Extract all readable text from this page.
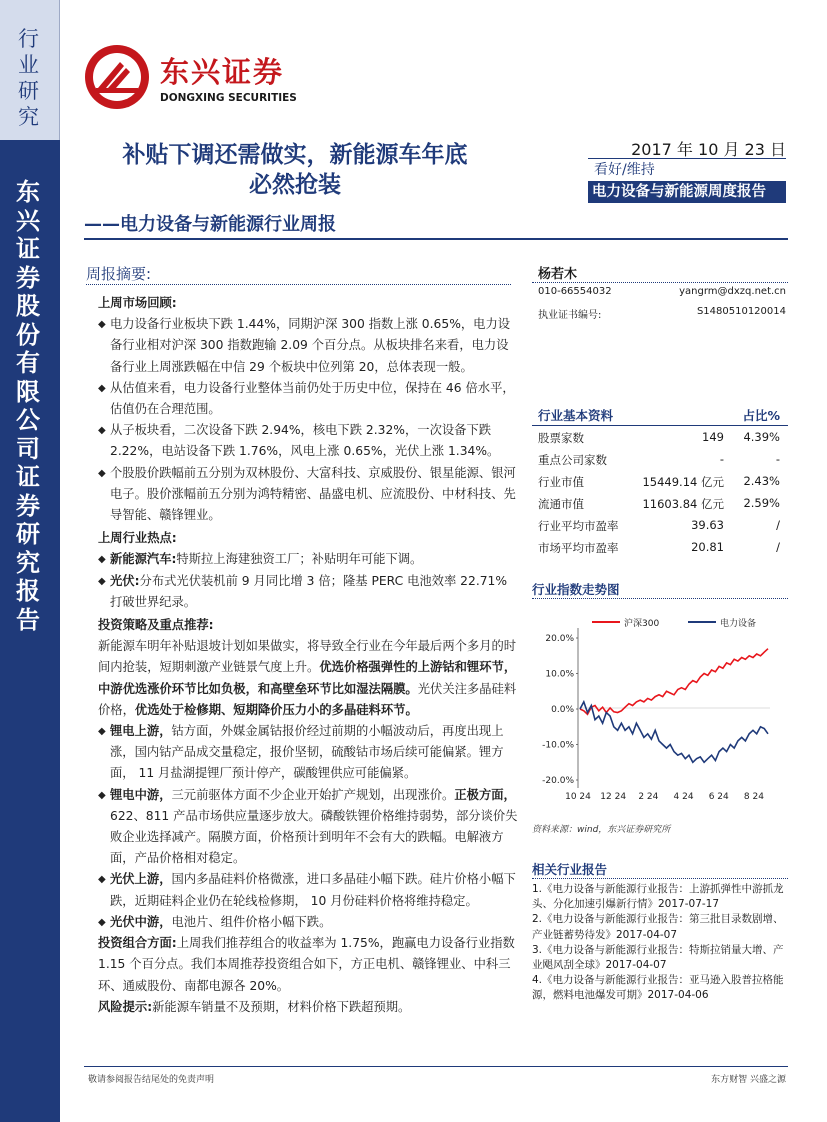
行业研究
东兴证券股份有限公司证券研究报告
东兴证券
DONGXING SECURITIES
补贴下调还需做实，新能源车年底
必然抢装
——电力设备与新能源行业周报
2017 年 10 月 23 日
看好/维持
电力设备与新能源周度报告
周报摘要:
上周市场回顾:
◆ 电力设备行业板块下跌 1.44%，同期沪深 300 指数上涨 0.65%，电力设备行业相对沪深 300 指数跑输 2.09 个百分点。从板块排名来看，电力设备行业上周涨跌幅在中信 29 个板块中位列第 20，总体表现一般。
◆ 从估值来看，电力设备行业整体当前仍处于历史中位，保持在 46 倍水平，估值仍在合理范围。
◆ 从子板块看，二次设备下跌 2.94%，核电下跌 2.32%，一次设备下跌 2.22%，电站设备下跌 1.76%，风电上涨 0.65%，光伏上涨 1.34%。
◆ 个股股价跌幅前五分别为双林股份、大富科技、京威股份、银星能源、银河电子。股价涨幅前五分别为鸿特精密、晶盛电机、应流股份、中材科技、先导智能、赣锋锂业。
上周行业热点:
◆ 新能源汽车:特斯拉上海建独资工厂；补贴明年可能下调。
◆ 光伏:分布式光伏装机前 9 月同比增 3 倍；隆基 PERC 电池效率 22.71% 打破世界纪录。
投资策略及重点推荐:
新能源车明年补贴退坡计划如果做实，将导致全行业在今年最后两个多月的时间内抢装，短期刺激产业链景气度上升。优选价格强弹性的上游钴和锂环节，中游优选涨价环节比如负极，和高壁垒环节比如湿法隔膜。光伏关注多晶硅料价格，优选处于检修期、短期降价压力小的多晶硅料环节。
◆ 锂电上游，钴方面，外媒金属钴报价经过前期的小幅波动后，再度出现上涨，国内钴产品成交量稳定，报价坚韧，硫酸钴市场后续可能偏紧。锂方面， 11 月盐湖提锂厂预计停产，碳酸锂供应可能偏紧。
◆ 锂电中游，三元前驱体方面不少企业开始扩产规划，出现涨价。正极方面， 622、811 产品市场供应量逐步放大。磷酸铁锂价格维持弱势，部分谈价失败企业选择减产。隔膜方面，价格预计到明年不会有大的跌幅。电解液方面，产品价格相对稳定。
◆ 光伏上游，国内多晶硅料价格微涨，进口多晶硅小幅下跌。硅片价格小幅下跌，近期硅料企业仍在轮线检修期， 10 月份硅料价格将维持稳定。
◆ 光伏中游，电池片、组件价格小幅下跌。
投资组合方面:上周我们推荐组合的收益率为 1.75%，跑赢电力设备行业指数 1.15 个百分点。我们本周推荐投资组合如下，方正电机、赣锋锂业、中科三环、通威股份、南都电源各 20%。
风险提示:新能源车销量不及预期，材料价格下跌超预期。
杨若木
010-66554032	yangrm@dxzq.net.cn
执业证书编号:	S1480510120014
行业基本资料	占比%
股票家数	149 4.39%
重点公司家数	-	-
行业市值	15449.14 亿元 2.43%
流通市值	11603.84 亿元 2.59%
行业平均市盈率	39.63	/
市场平均市盈率	20.81	/
行业指数走势图
沪深300	电力设备
20.0%
10.0%
0.0%
-10.0%
-20.0%
10 24 12 24 2 24 4 24 6 24 8 24
资料来源：wind，东兴证券研究所
相关行业报告
1.《电力设备与新能源行业报告：上游抓弹性中游抓龙头、分化加速引爆新行情》2017-07-17
2.《电力设备与新能源行业报告：第三批目录数剧增、产业链蓄势待发》2017-04-07
3.《电力设备与新能源行业报告：特斯拉销量大增、产业飓风刮全球》2017-04-07
4.《电力设备与新能源行业报告：亚马逊入股普拉格能源，燃料电池爆发可期》2017-04-06
敬请参阅报告结尾处的免责声明	东方财智 兴盛之源
